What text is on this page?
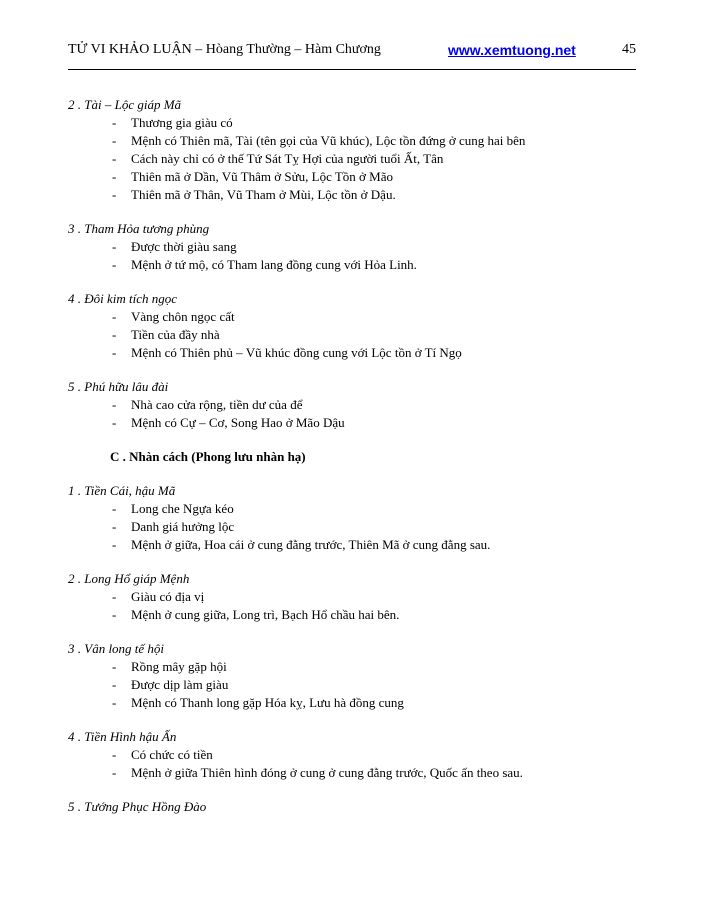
TỬ VI KHẢO LUẬN – Hòang Thường – Hàm Chương	www.xemtuong.net	45
2 . Tài – Lộc giáp Mã
- Thương gia giàu có
- Mệnh có Thiên mã, Tài (tên gọi của Vũ khúc), Lộc tồn đứng ở cung hai bên
- Cách này chỉ có ở thế Tứ Sát Tỵ Hợi của người tuổi Ất, Tân
- Thiên mã ở Dần, Vũ Thâm ở Sửu, Lộc Tồn ở Mão
- Thiên mã ở Thân, Vũ Tham ở Mùi, Lộc tồn ở Dậu.
3 . Tham Hỏa tương phùng
- Được thời giàu sang
- Mệnh ở tứ mộ, có Tham lang đồng cung với Hỏa Linh.
4 . Đôi kim tích ngọc
- Vàng chôn ngọc cất
- Tiền của đầy nhà
- Mệnh có Thiên phủ – Vũ khúc đồng cung với Lộc tồn ở Tí Ngọ
5 . Phú hữu lâu đài
- Nhà cao cửa rộng, tiền dư của để
- Mệnh có Cự – Cơ, Song Hao ở Mão Dậu
C . Nhàn cách (Phong lưu nhàn hạ)
1 . Tiền Cái, hậu Mã
- Long che Ngựa kéo
- Danh giá hưởng lộc
- Mệnh ở giữa, Hoa cái ở cung đằng trước, Thiên Mã ở cung đằng sau.
2 . Long Hổ giáp Mệnh
- Giàu có địa vị
- Mệnh ở cung giữa, Long trì, Bạch Hổ chầu hai bên.
3 . Vân long tế hội
- Rồng mây gặp hội
- Được dịp làm giàu
- Mệnh có Thanh long gặp Hóa kỵ, Lưu hà đồng cung
4 . Tiền Hình hậu Ấn
- Có chức có tiền
- Mệnh ở giữa Thiên hình đóng ở cung ở cung đằng trước, Quốc ấn theo sau.
5 . Tướng Phục Hồng Đào
